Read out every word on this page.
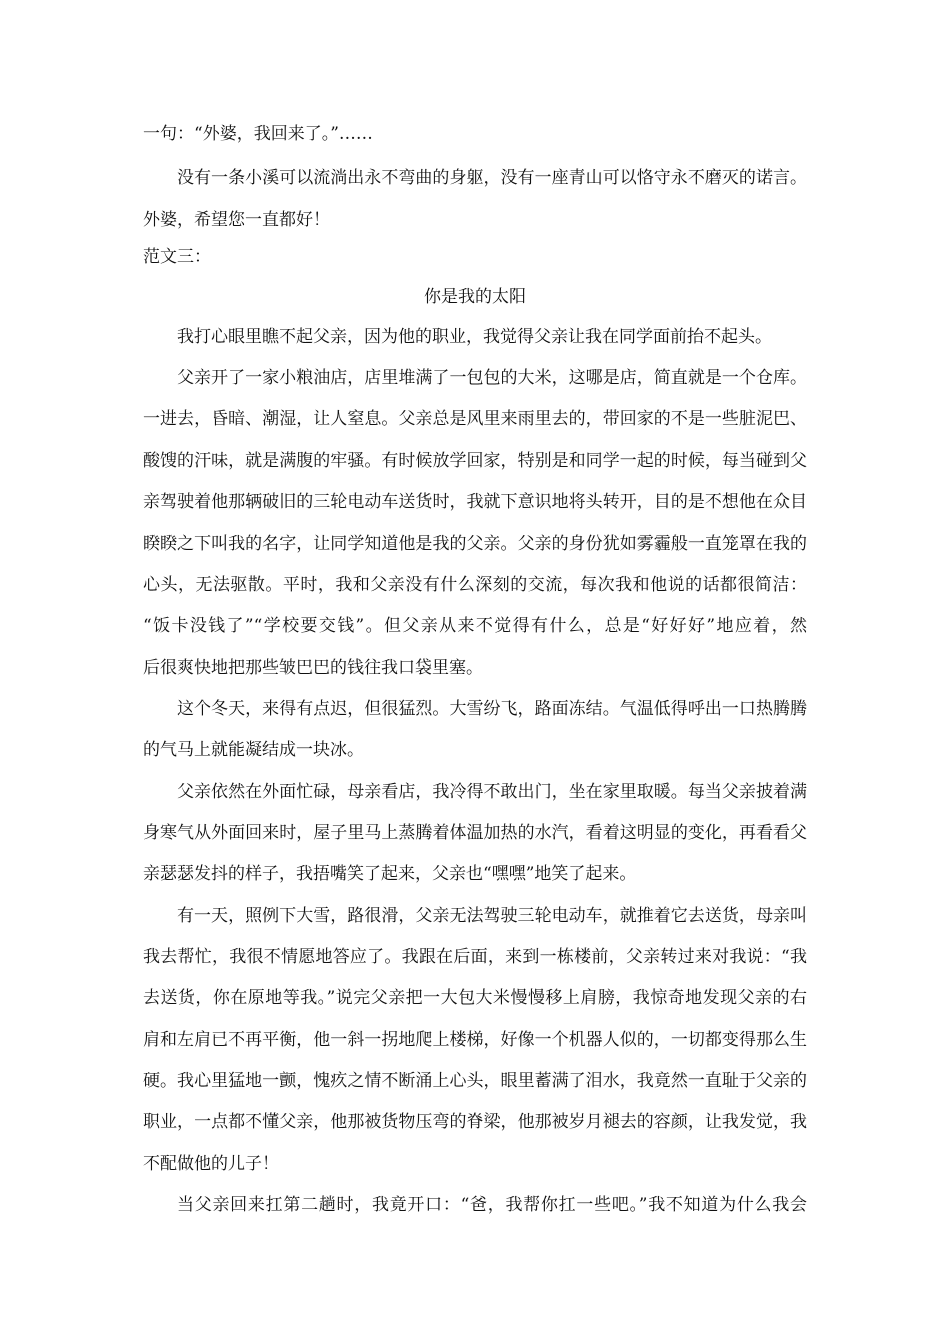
一句：“外婆，我回来了。”……
没有一条小溪可以流淌出永不弯曲的身躯，没有一座青山可以恪守永不磨灭的诺言。
外婆，希望您一直都好！
范文三：
你是我的太阳
我打心眼里瞧不起父亲，因为他的职业，我觉得父亲让我在同学面前抬不起头。
父亲开了一家小粮油店，店里堆满了一包包的大米，这哪是店，简直就是一个仓库。
一进去，昏暗、潮湿，让人窒息。父亲总是风里来雨里去的，带回家的不是一些脏泥巴、
酸馊的汗味，就是满腹的牢骚。有时候放学回家，特别是和同学一起的时候，每当碰到父
亲驾驶着他那辆破旧的三轮电动车送货时，我就下意识地将头转开，目的是不想他在众目
睽睽之下叫我的名字，让同学知道他是我的父亲。父亲的身份犹如雾霾般一直笼罩在我的
心头，无法驱散。平时，我和父亲没有什么深刻的交流，每次我和他说的话都很简洁：
“饭卡没钱了”“学校要交钱”。但父亲从来不觉得有什么，总是“好好好”地应着，然
后很爽快地把那些皱巴巴的钱往我口袋里塞。
这个冬天，来得有点迟，但很猛烈。大雪纷飞，路面冻结。气温低得呼出一口热腾腾
的气马上就能凝结成一块冰。
父亲依然在外面忙碌，母亲看店，我冷得不敢出门，坐在家里取暖。每当父亲披着满
身寒气从外面回来时，屋子里马上蒸腾着体温加热的水汽，看着这明显的变化，再看看父
亲瑟瑟发抖的样子，我捂嘴笑了起来，父亲也“嘿嘿”地笑了起来。
有一天，照例下大雪，路很滑，父亲无法驾驶三轮电动车，就推着它去送货，母亲叫
我去帮忙，我很不情愿地答应了。我跟在后面，来到一栋楼前，父亲转过来对我说：“我
去送货，你在原地等我。”说完父亲把一大包大米慢慢移上肩膀，我惊奇地发现父亲的右
肩和左肩已不再平衡，他一斜一拐地爬上楼梯，好像一个机器人似的，一切都变得那么生
硬。我心里猛地一颤，愧疚之情不断涌上心头，眼里蓄满了泪水，我竟然一直耻于父亲的
职业，一点都不懂父亲，他那被货物压弯的脊梁，他那被岁月褪去的容颜，让我发觉，我
不配做他的儿子！
当父亲回来扛第二趟时，我竟开口：“爸，我帮你扛一些吧。”我不知道为什么我会
